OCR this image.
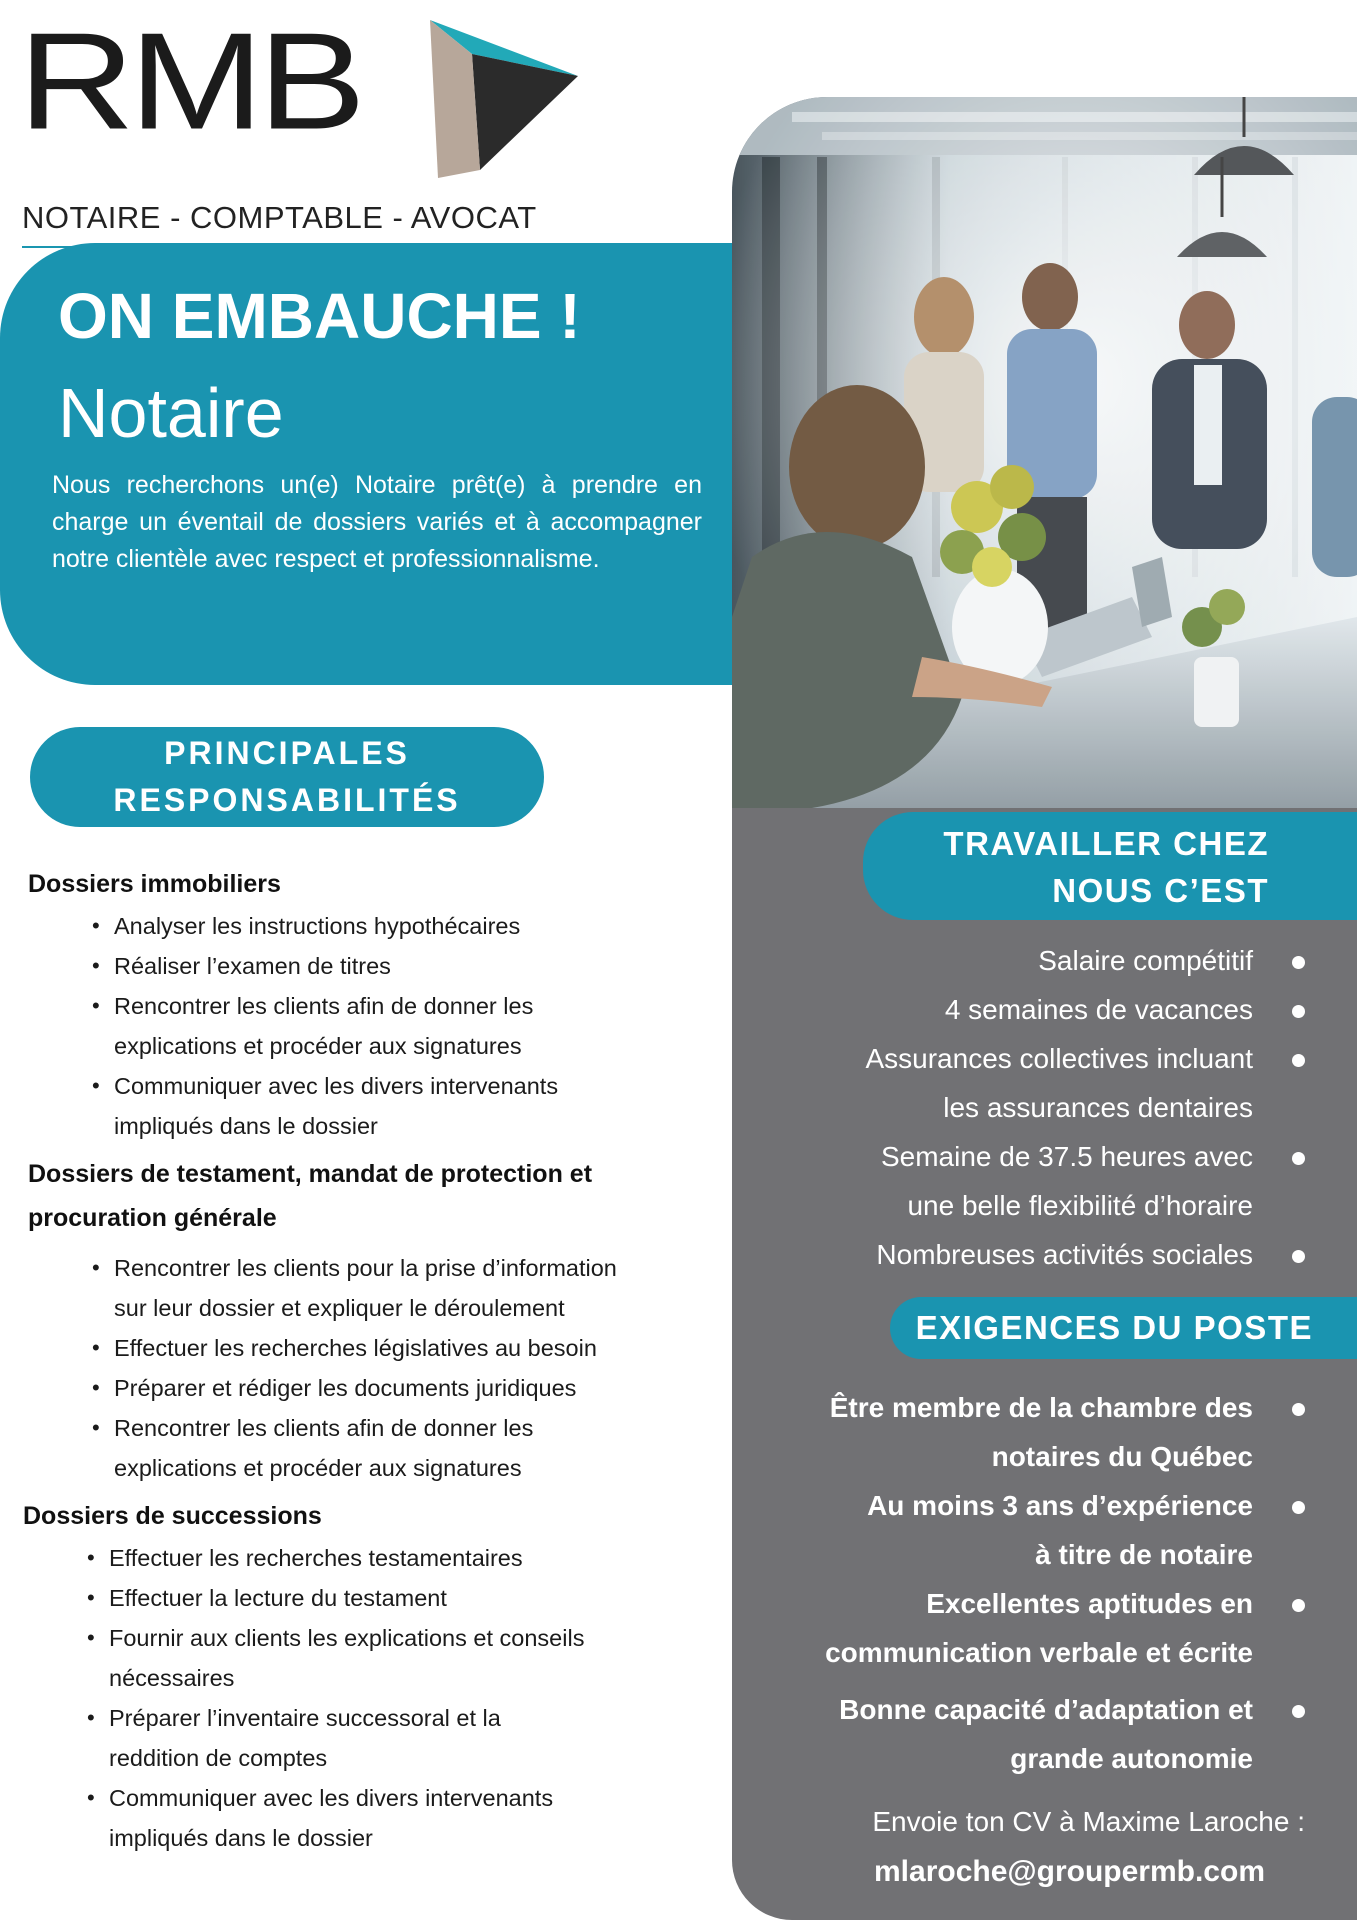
RMB
NOTAIRE - COMPTABLE - AVOCAT
ON EMBAUCHE !
Notaire
Nous recherchons un(e) Notaire prêt(e) à prendre en charge un éventail de dossiers variés et à accompagner notre clientèle avec respect et professionnalisme.
TRAVAILLER CHEZ
NOUS C’EST
Salaire compétitif
4 semaines de vacances
Assurances collectives incluant
les assurances dentaires
Semaine de 37.5 heures avec
une belle flexibilité d’horaire
Nombreuses activités sociales
EXIGENCES DU POSTE
Être membre de la chambre des
notaires du Québec
Au moins 3 ans d’expérience
à titre de notaire
Excellentes aptitudes en
communication verbale et écrite
Bonne capacité d’adaptation et
grande autonomie
Envoie ton CV à Maxime Laroche :
mlaroche@groupermb.com
PRINCIPALES
RESPONSABILITÉS

Dossiers immobiliers

• Analyser les instructions hypothécaires
• Réaliser l’examen de titres
• Rencontrer les clients afin de donner les explications et procéder aux signatures
• Communiquer avec les divers intervenants impliqués dans le dossier

Dossiers de testament, mandat de protection et procuration générale

• Rencontrer les clients pour la prise d’information sur leur dossier et expliquer le déroulement
• Effectuer les recherches législatives au besoin
• Préparer et rédiger les documents juridiques
• Rencontrer les clients afin de donner les explications et procéder aux signatures

Dossiers de successions

• Effectuer les recherches testamentaires
• Effectuer la lecture du testament
• Fournir aux clients les explications et conseils nécessaires
• Préparer l’inventaire successoral et la reddition de comptes
• Communiquer avec les divers intervenants impliqués dans le dossier
